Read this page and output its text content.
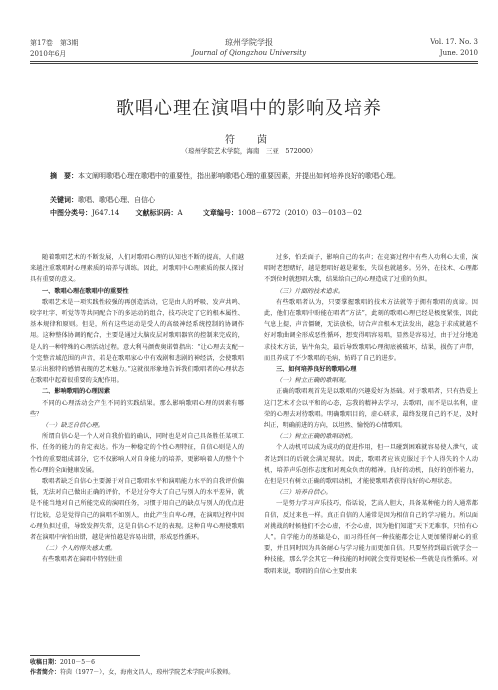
第17卷　第3期
2010年6月
琼州学院学报
Journal of Qiongzhou University
Vol. 17. No. 3
June. 2010
歌唱心理在演唱中的影响及培养
符　茵
（琼州学院艺术学院，海南　三亚　572000）
摘　要：本文阐明歌唱心理在歌唱中的重要性，指出影响歌唱心理的重要因素，并提出如何培养良好的歌唱心理。
关键词：歌唱、歌唱心理、自信心
中图分类号：J647.14 文献标识码：A	文章编号：1008－6772（2010）03－0103－02

随着歌唱艺术的不断发展，人们对歌唱心理的认知也不断的提高，人们越来越注重歌唱时心理素质的培养与训练。因此，对歌唱中心理素质的探人探讨具有重要的意义。

一、歌唱心理在歌唱中的重要性

歌唱艺术是一项实践性较强的再创造活动，它是由人的呼吸、发声共鸣、咬字吐字、听觉等等共同配合下的多运动的组合，技巧决定了它的根本属性、基本规律和原则。但是，所有这些运动是受人的高级神经系统控制的协调作用。这种整体协调的配合，主要是通过大脑皮层对歌唱器官的控制来完成的，是人的一种特殊的心理活动过程。意大利马颜费奥诺曾指出：“让心理去支配一个完整音域范围的声音，若是在歌唱家心中有戏剧和悲剧的神经活，会使歌唱显示出独特的感情表现的艺术魅力。”这就很形象地告诉我们歌唱者的心理状态在歌唱中起着很重要的支配作用。

二、影响歌唱的心理因素

不同的心理活动会产生不同的实践结果。那么影响歌唱心理的因素有哪些？

（一）缺乏自信心理。

所谓自信心是一个人对自我价值的确认，同时也是对自己具备胜任某项工作、任务的能力的肯定表达。作为一种稳定的个性心理特征，自信心则是人的个性的重要组成部分，它不仅影响人对自身能力的培养，更影响着人的整个个性心理的全面健康发展。

歌唱者缺乏自信心主要源于对自己歌唱水平和演唱能力水平的自我评价偏低，无法对自己做出正确的评价，不是过分夸大了自己与别人的水平差异，就是不能当地对自己所能完成的演唱任务，习惯于用自己的缺点与别人的优点进行比较，总是觉得自己的演唱不如别人，由此产生自卑心理，在演唱过程中因心理负担过重，导致发挥失常，这是自信心不足的表现。这种自卑心理使歌唱者在演唱中害怕出错，越是害怕越是容易出错，形成恶性循环。

（二）个人的得失感太重。

有些歌唱者在演唱中特别注重

过多，怕丢面子，影响自己的名声；在竞赛过程中有些人功利心太重，演唱时老想赌好，越是想唱好越是紧张，失误也就越多。另外，在技术、心理都不到位时就想唱大歌，结果给自己的心理造成了过重的负担。

（三）片面的技术追求。

有些歌唱者认为，只要掌握歌唱的技术方法就等于拥有歌唱的真谛。因此，他们在歌唱中盼能在唱者“方法”，此刻的歌唱心理已经是极度紧张，因此气息上提，声音僵硬，无法放松，切合声音根本无法发出，越急于求成就越不好对歌曲调全形成恶性循环，想变得唱容易唱，显然是容易过，由于过分地追求技术方法，钻牛角尖，最后导致歌唱心理彻底被破坏，结果，损伤了声带，而且养成了不少歌唱的毛病，妨碍了自己的进步。

三、如何培养良好的歌唱心理

（一）树立正确的歌唱观。

正确的歌唱观首先是以歌唱的兴趣爱好为基础。对于歌唱者，只有热爱上这门艺术才会以平和的心态，忘我的精神去学习，去歌唱，而不是以名利，虚荣的心理去对待歌唱。明确歌唱目的，虚心研求，最终发现自己的不足，及时纠正，明确前进的方向，以坦然、愉悦的心情歌唱。

（二）树立正确的歌唱动机。

个人动机可以成为成功的促进作用，但一旦碰到困难就容易使人泄气，或者达到目的后就会满足现状。因此，歌唱者应该克服过于个人得失的个人动机，培养声乐创作志度和对观众负责的精神。良好的动机，良好的创作能力，在但是只有树立正确的歌唱动机，才能使歌唱者获得良好的心理状态。

（三）培养自信心。

一是努力学习声乐技巧，俗话说，艺高人胆大，具备某种能力的人通常都自信，反过来也一样。真正自信的人通常是因为相信自己的学习能力。所以面对挑战的时候他们不会心虚，不会心虚，因为他们知道“天下无难事，只怕有心人”。自学能力的基础是心，而习得任何一种技能都会让人更加懂得耐心的重要，并且同时因为具备耐心与学习能力而更加自信。只要坚持到最后就学会一种技能，那么学会其它一种技能的时间就会变得更轻松一些就是良性循环。对歌唱来说，歌唱的自信心主要由来

收稿日期：2010－5－6
作者简介：符茵（1977－），女，海南文昌人，琼州学院艺术学院声乐教师。
